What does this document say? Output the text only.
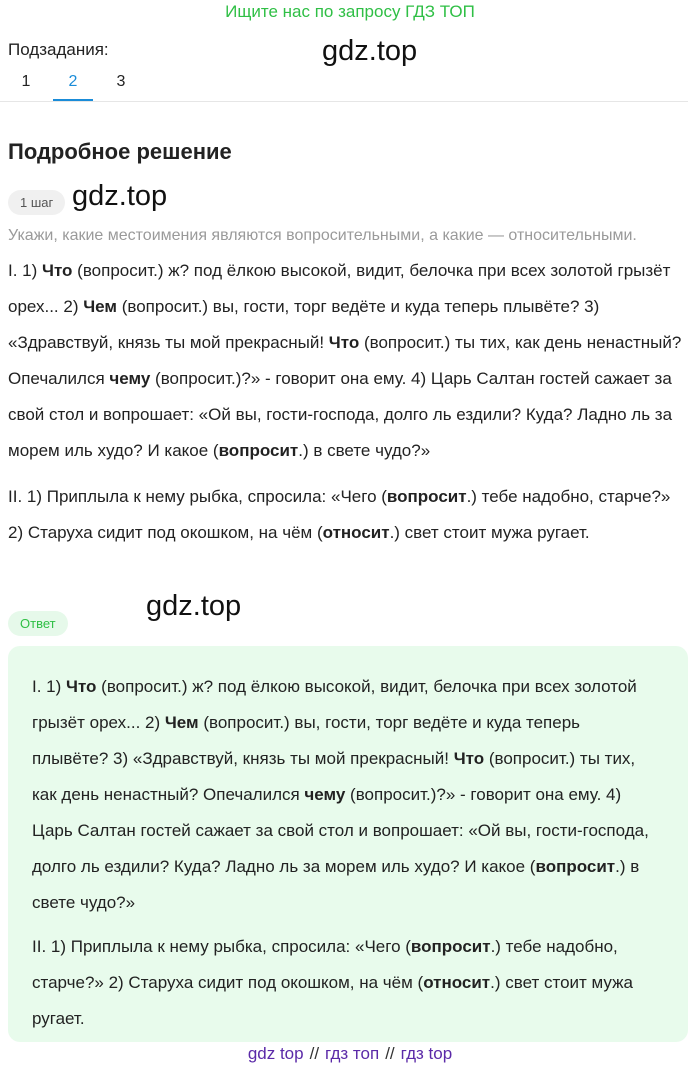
Ищите нас по запросу ГДЗ ТОП
gdz.top
gdz.top
gdz.top
Подзадания:
1	2	3
Подробное решение
1 шаг
Укажи, какие местоимения являются вопросительными, а какие — относительными.
I. 1) Что (вопросит.) ж? под ёлкою высокой, видит, белочка при всех золотой грызёт орех... 2) Чем (вопросит.) вы, гости, торг ведёте и куда теперь плывёте? 3) «Здравствуй, князь ты мой прекрасный! Что (вопросит.) ты тих, как день ненастный? Опечалился чему (вопросит.)?» - говорит она ему. 4) Царь Салтан гостей сажает за свой стол и вопрошает: «Ой вы, гости-господа, долго ль ездили? Куда? Ладно ль за морем иль худо? И какое (вопросит.) в свете чудо?»
II. 1) Приплыла к нему рыбка, спросила: «Чего (вопросит.) тебе надобно, старче?» 2) Старуха сидит под окошком, на чём (относит.) свет стоит мужа ругает.
Ответ
I. 1) Что (вопросит.) ж? под ёлкою высокой, видит, белочка при всех золотой грызёт орех... 2) Чем (вопросит.) вы, гости, торг ведёте и куда теперь плывёте? 3) «Здравствуй, князь ты мой прекрасный! Что (вопросит.) ты тих, как день ненастный? Опечалился чему (вопросит.)?» - говорит она ему. 4) Царь Салтан гостей сажает за свой стол и вопрошает: «Ой вы, гости-господа, долго ль ездили? Куда? Ладно ль за морем иль худо? И какое (вопросит.) в свете чудо?»
II. 1) Приплыла к нему рыбка, спросила: «Чего (вопросит.) тебе надобно, старче?» 2) Старуха сидит под окошком, на чём (относит.) свет стоит мужа ругает.
gdz top // гдз топ // гдз top
